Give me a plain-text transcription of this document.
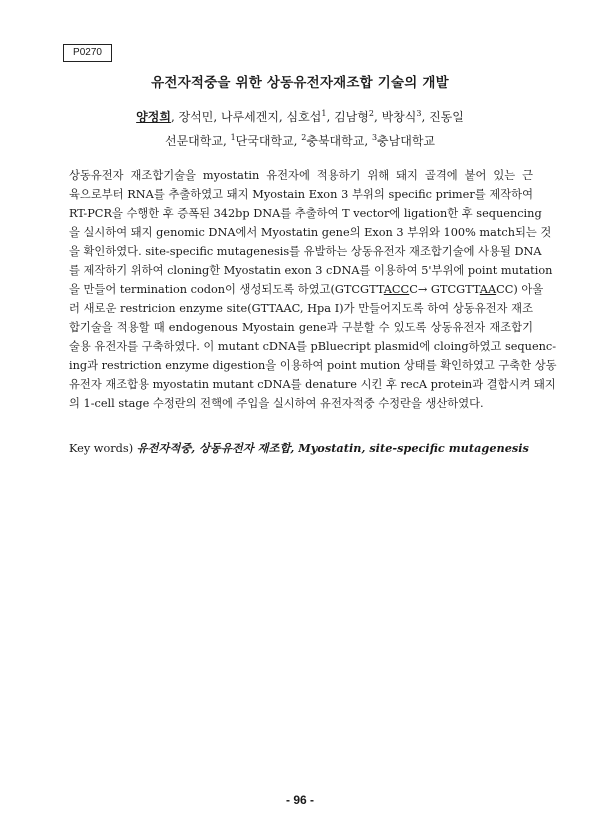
P0270
유전자적중을 위한 상동유전자재조합 기술의 개발
양정희, 장석민, 나루세겐지, 심호섭$^1$, 김남형$^2$, 박창식$^3$, 진동일
선문대학교, $^1$단국대학교, $^2$충북대학교, $^3$충남대학교
상동유전자 재조합기술을 myostatin 유전자에 적용하기 위해 돼지 골격에 붙어 있는 근
육으로부터 RNA를 추출하였고 돼지 Myostain Exon 3 부위의 specific primer를 제작하여
RT-PCR을 수행한 후 증폭된 342bp DNA를 추출하여 T vector에 ligation한 후 sequencing
을 실시하여 돼지 genomic DNA에서 Myostatin gene의 Exon 3 부위와 100% match되는 것
을 확인하였다. site-specific mutagenesis를 유발하는 상동유전자 재조합기술에 사용될 DNA
를 제작하기 위하여 cloning한 Myostatin exon 3 cDNA를 이용하여 5'부위에 point mutation
을 만들어 termination codon이 생성되도록 하였고(GTCGTTACCC→ GTCGTTAACC) 아울
러 새로운 restricion enzyme site(GTTAAC, Hpa I)가 만들어지도록 하여 상동유전자 재조
합기술을 적용할 때 endogenous Myostain gene과 구분할 수 있도록 상동유전자 재조합기
술용 유전자를 구축하였다. 이 mutant cDNA를 pBluecript plasmid에 cloing하였고 sequenc-
ing과 restriction enzyme digestion을 이용하여 point mution 상태를 확인하였고 구축한 상동
유전자 재조합용 myostatin mutant cDNA를 denature 시킨 후 recA protein과 결합시켜 돼지
의 1-cell stage 수정란의 전핵에 주입을 실시하여 유전자적중 수정란을 생산하였다.
Key words) 유전자적중, 상동유전자 재조합, Myostatin, site-specific mutagenesis
- 96 -
